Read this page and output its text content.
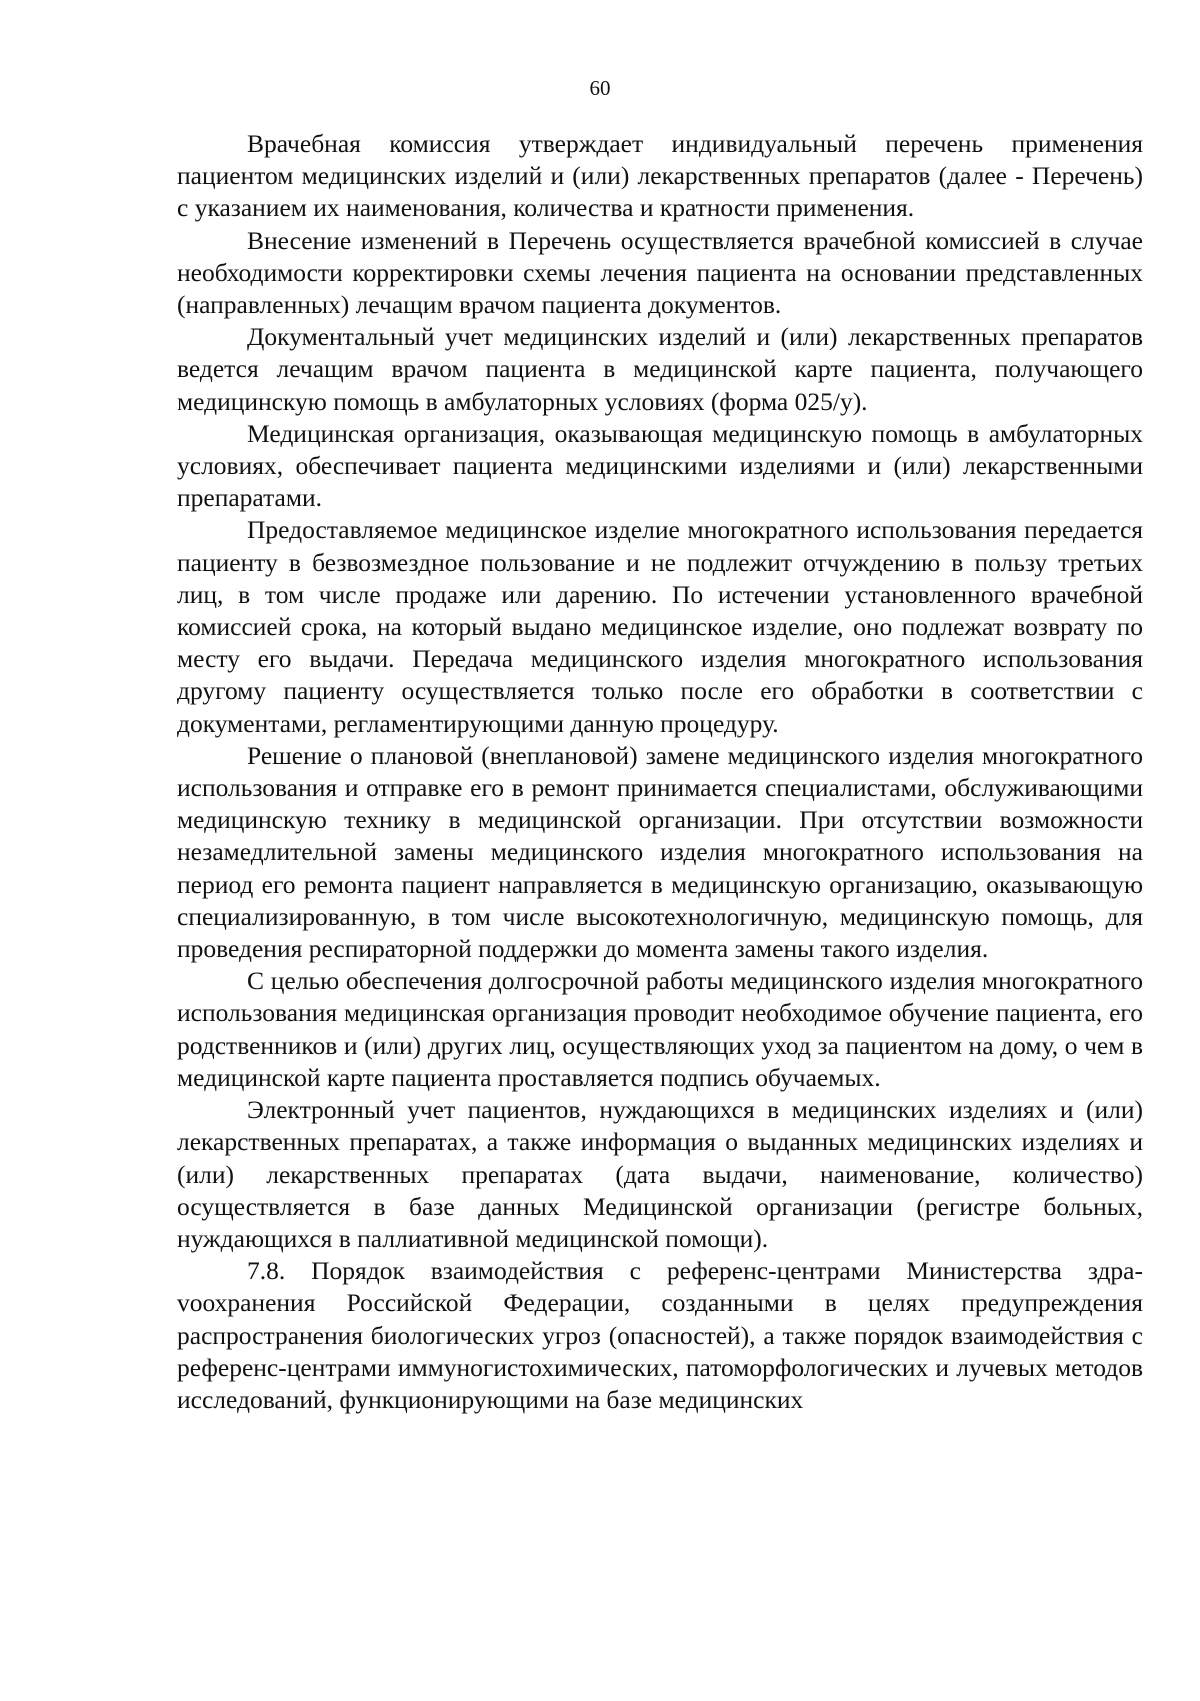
60

Врачебная комиссия утверждает индивидуальный перечень применения пациентом медицинских изделий и (или) лекарственных препаратов (далее - Перечень) с указанием их наименования, количества и кратности применения.

Внесение изменений в Перечень осуществляется врачебной комиссией в случае необходимости корректировки схемы лечения пациента на основании представленных (направленных) лечащим врачом пациента документов.

Документальный учет медицинских изделий и (или) лекарственных препаратов ведется лечащим врачом пациента в медицинской карте пациента, получающего медицинскую помощь в амбулаторных условиях (форма 025/у).

Медицинская организация, оказывающая медицинскую помощь в амбулаторных условиях, обеспечивает пациента медицинскими изделиями и (или) лекарственными препаратами.

Предоставляемое медицинское изделие многократного использования передается пациенту в безвозмездное пользование и не подлежит отчуждению в пользу третьих лиц, в том числе продаже или дарению. По истечении установленного врачебной комиссией срока, на который выдано медицинское изделие, оно подлежат возврату по месту его выдачи. Передача медицинского изделия многократного использования другому пациенту осуществляется только после его обработки в соответствии с документами, регламентирующими данную процедуру.

Решение о плановой (внеплановой) замене медицинского изделия многократного использования и отправке его в ремонт принимается специалистами, обслуживающими медицинскую технику в медицинской организации. При отсутствии возможности незамедлительной замены медицинского изделия многократного использования на период его ремонта пациент направляется в медицинскую организацию, оказывающую специализированную, в том числе высокотехнологичную, медицинскую помощь, для проведения респираторной поддержки до момента замены такого изделия.

С целью обеспечения долгосрочной работы медицинского изделия многократного использования медицинская организация проводит необходимое обучение пациента, его родственников и (или) других лиц, осуществляющих уход за пациентом на дому, о чем в медицинской карте пациента проставляется подпись обучаемых.

Электронный учет пациентов, нуждающихся в медицинских изделиях и (или) лекарственных препаратах, а также информация о выданных медицинских изделиях и (или) лекарственных препаратах (дата выдачи, наименование, количество) осуществляется в базе данных Медицинской организации (регистре больных, нуждающихся в паллиативной медицинской помощи).

7.8. Порядок взаимодействия с референс-центрами Министерства здраvоохранения Российской Федерации, созданными в целях предупреждения распространения биологических угроз (опасностей), а также порядок взаимодействия с референс-центрами иммуногистохимических, патоморфологических и лучевых методов исследований, функционирующими на базе медицинских
